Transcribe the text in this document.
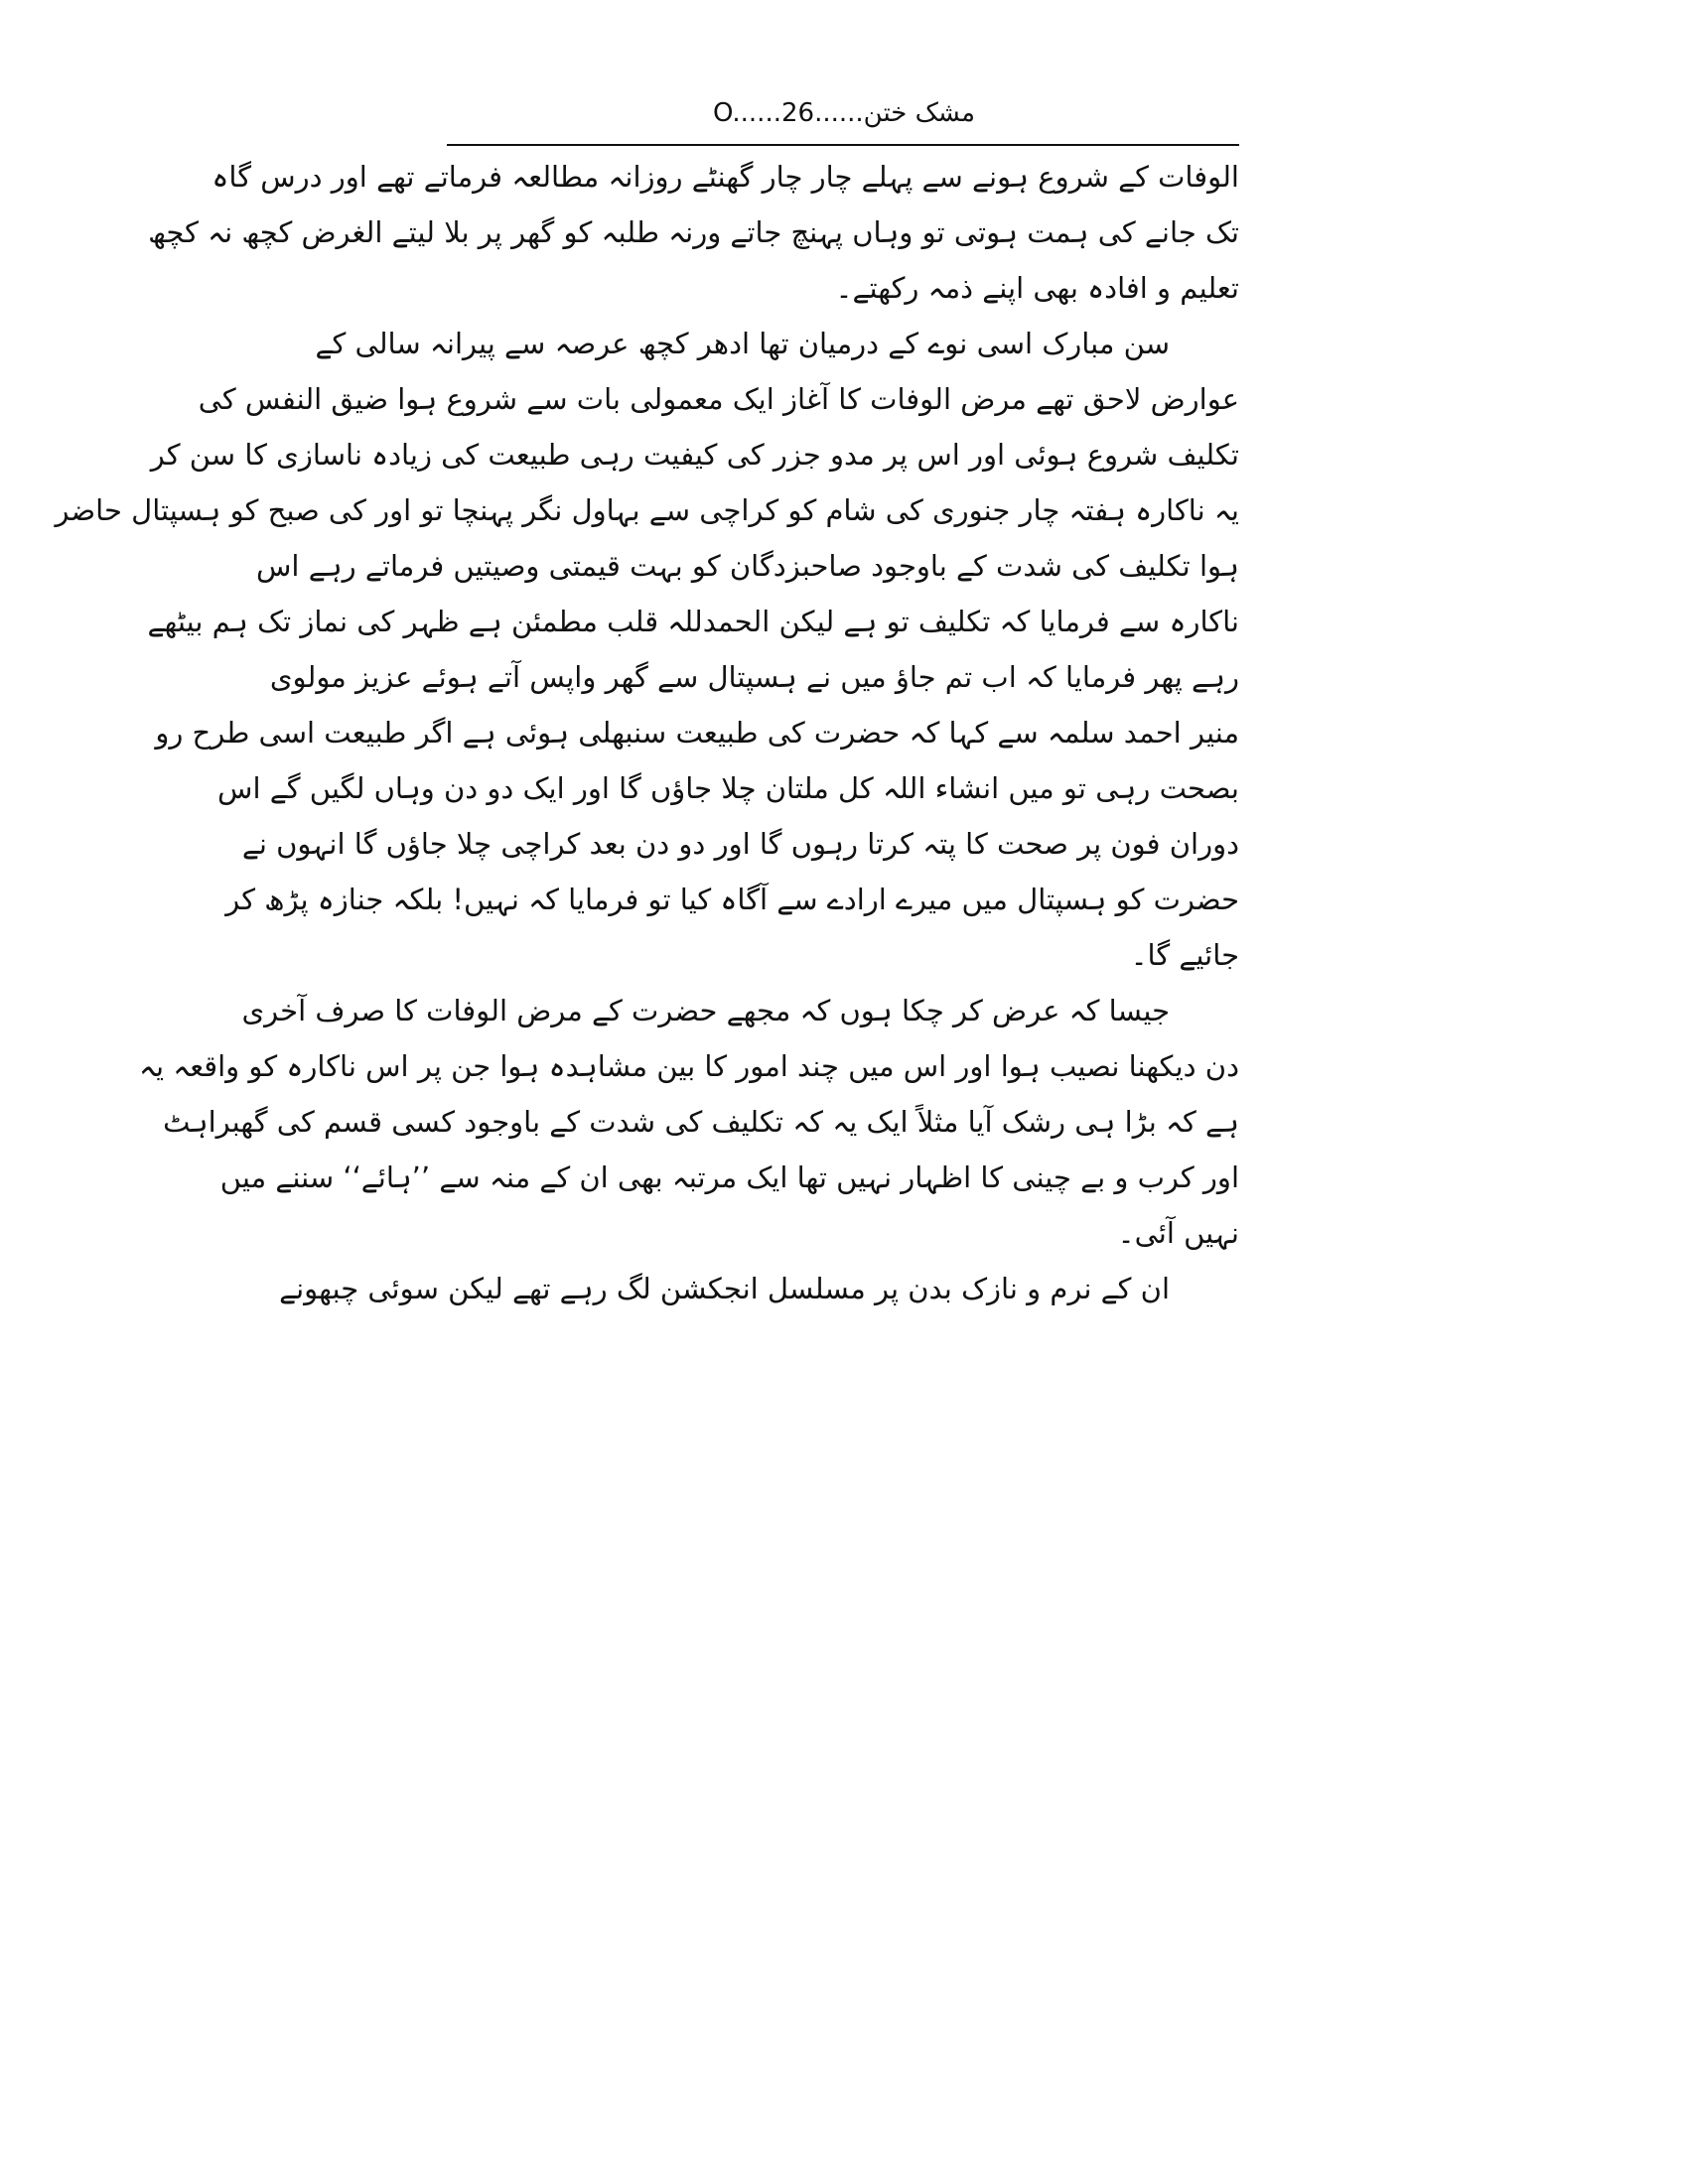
مشک ختن......O......26

الوفات کے شروع ہونے سے پہلے چار چار گھنٹے روزانہ مطالعہ فرماتے تھے اور درس گاہ
تک جانے کی ہمت ہوتی تو وہاں پہنچ جاتے ورنہ طلبہ کو گھر پر بلا لیتے الغرض کچھ نہ کچھ
تعلیم و افادہ بھی اپنے ذمہ رکھتے۔

سن مبارک اسی نوے کے درمیان تھا ادھر کچھ عرصہ سے پیرانہ سالی کے
عوارض لاحق تھے مرض الوفات کا آغاز ایک معمولی بات سے شروع ہوا ضیق النفس کی
تکلیف شروع ہوئی اور اس پر مدو جزر کی کیفیت رہی طبیعت کی زیادہ ناسازی کا سن کر
یہ ناکارہ ہفتہ چار جنوری کی شام کو کراچی سے بہاول نگر پہنچا تو اور کی صبح کو ہسپتال حاضر
ہوا تکلیف کی شدت کے باوجود صاحبزدگان کو بہت قیمتی وصیتیں فرماتے رہے اس
ناکارہ سے فرمایا کہ تکلیف تو ہے لیکن الحمدللہ قلب مطمئن ہے ظہر کی نماز تک ہم بیٹھے
رہے پھر فرمایا کہ اب تم جاؤ میں نے ہسپتال سے گھر واپس آتے ہوئے عزیز مولوی
منیر احمد سلمہ سے کہا کہ حضرت کی طبیعت سنبھلی ہوئی ہے اگر طبیعت اسی طرح رو
بصحت رہی تو میں انشاء اللہ کل ملتان چلا جاؤں گا اور ایک دو دن وہاں لگیں گے اس
دوران فون پر صحت کا پتہ کرتا رہوں گا اور دو دن بعد کراچی چلا جاؤں گا انہوں نے
حضرت کو ہسپتال میں میرے ارادے سے آگاہ کیا تو فرمایا کہ نہیں! بلکہ جنازہ پڑھ کر
جائیے گا۔

جیسا کہ عرض کر چکا ہوں کہ مجھے حضرت کے مرض الوفات کا صرف آخری
دن دیکھنا نصیب ہوا اور اس میں چند امور کا بین مشاہدہ ہوا جن پر اس ناکارہ کو واقعہ یہ
ہے کہ بڑا ہی رشک آیا مثلاً ایک یہ کہ تکلیف کی شدت کے باوجود کسی قسم کی گھبراہٹ
اور کرب و بے چینی کا اظہار نہیں تھا ایک مرتبہ بھی ان کے منہ سے ’’ہائے‘‘ سننے میں
نہیں آئی۔

ان کے نرم و نازک بدن پر مسلسل انجکشن لگ رہے تھے لیکن سوئی چبھونے
